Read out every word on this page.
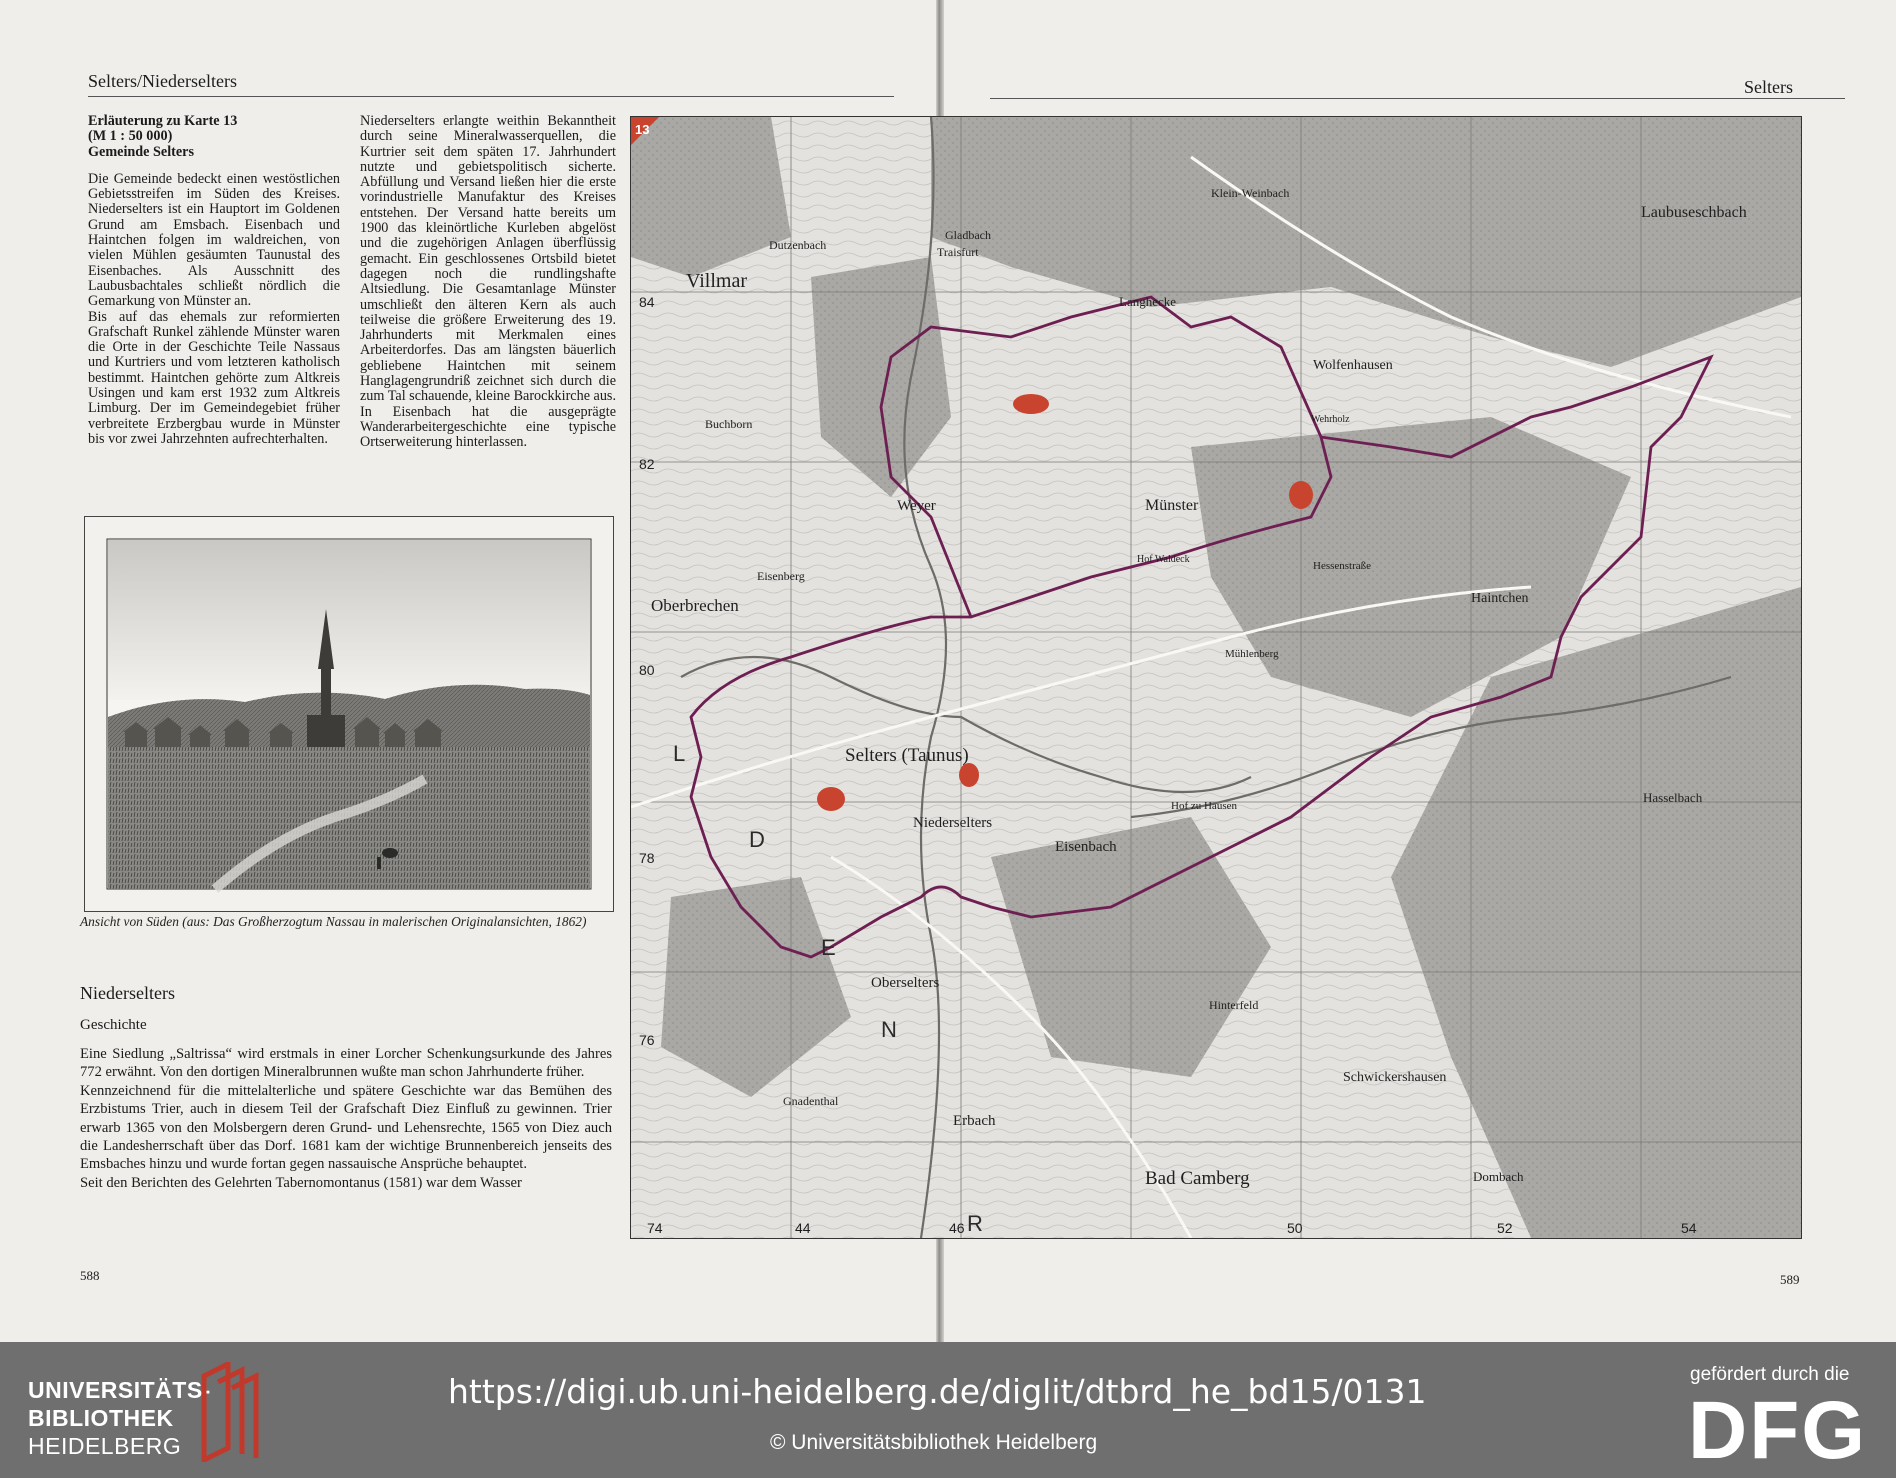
Selters/Niederselters

Erläuterung zu Karte 13

(M 1 : 50 000)

Gemeinde Selters

Die Gemeinde bedeckt einen westöstlichen Gebietsstreifen im Süden des Kreises. Niederselters ist ein Hauptort im Goldenen Grund am Emsbach. Eisenbach und Haintchen folgen im waldreichen, von vielen Mühlen gesäumten Taunustal des Eisenbaches. Als Ausschnitt des Laubusbachtales schließt nördlich die Gemarkung von Münster an.

Bis auf das ehemals zur reformierten Grafschaft Runkel zählende Münster waren die Orte in der Geschichte Teile Nassaus und Kurtriers und vom letzteren katholisch bestimmt. Haintchen gehörte zum Altkreis Usingen und kam erst 1932 zum Altkreis Limburg. Der im Gemeindegebiet früher verbreitete Erzbergbau wurde in Münster bis vor zwei Jahrzehnten aufrechterhalten.

Niederselters erlangte weithin Bekanntheit durch seine Mineralwasserquellen, die Kurtrier seit dem späten 17. Jahrhundert nutzte und gebietspolitisch sicherte. Abfüllung und Versand ließen hier die erste vorindustrielle Manufaktur des Kreises entstehen. Der Versand hatte bereits um 1900 das kleinörtliche Kurleben abgelöst und die zugehörigen Anlagen überflüssig gemacht. Ein geschlossenes Ortsbild bietet dagegen noch die rundlingshafte Altsiedlung. Die Gesamtanlage Münster umschließt den älteren Kern als auch teilweise die größere Erweiterung des 19. Jahrhunderts mit Merkmalen eines Arbeiterdorfes. Das am längsten bäuerlich gebliebene Haintchen mit seinem Hanglagengrundriß zeichnet sich durch die zum Tal schauende, kleine Barockkirche aus. In Eisenbach hat die ausgeprägte Wanderarbeitergeschichte eine typische Ortserweiterung hinterlassen.

Ansicht von Süden (aus: Das Großherzogtum Nassau in malerischen Originalansichten, 1862)
Niederselters
Geschichte

Eine Siedlung „Saltrissa“ wird erstmals in einer Lorcher Schenkungsurkunde des Jahres 772 erwähnt. Von den dortigen Mineralbrunnen wußte man schon Jahrhunderte früher.

Kennzeichnend für die mittelalterliche und spätere Geschichte war das Bemühen des Erzbistums Trier, auch in diesem Teil der Grafschaft Diez Einfluß zu gewinnen. Trier erwarb 1365 von den Molsbergern deren Grund- und Lehensrechte, 1565 von Diez auch die Landesherrschaft über das Dorf. 1681 kam der wichtige Brunnenbereich jenseits des Emsbaches hinzu und wurde fortan gegen nassauische Ansprüche behauptet.

Seit den Berichten des Gelehrten Tabernomontanus (1581) war dem Wasser

588
Selters
589
13
Villmar
Dutzenbach
Gladbach
Traisfurt
Klein-Weinbach
Laubuseschbach
Langhecke
Wolfenhausen
Buchborn
Weyer	Münster
Eisenberg
Oberbrechen	Haintchen
Selters (Taunus)
Niederselters
Eisenbach
Hof zu Hausen
Hasselbach
Oberselters
Hinterfeld
Schwickershausen
Erbach
Bad Camberg	Dombach
Gnadenthal
Wehrholz
Hessenstraße
Hof Waldeck
Mühlenberg
L
D
E
N
R
84
82
80
78
76
74	44	46	50	52	54
UNIVERSITÄTS-
BIBLIOTHEK
HEIDELBERG
https://digi.ub.uni-heidelberg.de/diglit/dtbrd_he_bd15/0131
© Universitätsbibliothek Heidelberg
gefördert durch die
DFG
